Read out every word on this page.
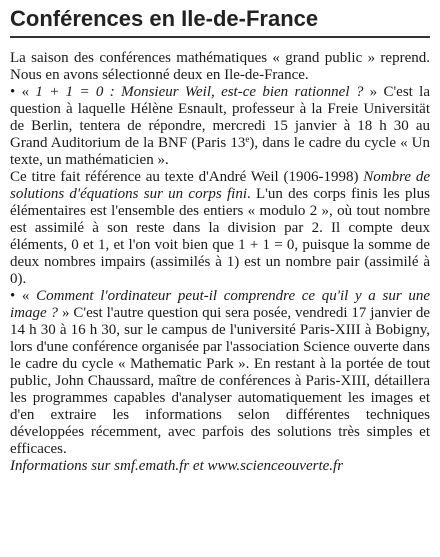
Conférences en Ile-de-France

La saison des conférences mathématiques « grand public » reprend. Nous en avons sélectionné deux en Ile-de-France.

• « 1 + 1 = 0 : Monsieur Weil, est-ce bien rationnel ? » C'est la question à laquelle Hélène Esnault, professeur à la Freie Universität de Berlin, tentera de répondre, mercredi 15 janvier à 18 h 30 au Grand Auditorium de la BNF (Paris 13e), dans le cadre du cycle « Un texte, un mathématicien ».

Ce titre fait référence au texte d'André Weil (1906-1998) Nombre de solutions d'équations sur un corps fini. L'un des corps finis les plus élémentaires est l'ensemble des entiers « modulo 2 », où tout nombre est assimilé à son reste dans la division par 2. Il compte deux éléments, 0 et 1, et l'on voit bien que 1 + 1 = 0, puisque la somme de deux nombres impairs (assimilés à 1) est un nombre pair (assimilé à 0).

• « Comment l'ordinateur peut-il comprendre ce qu'il y a sur une image ? » C'est l'autre question qui sera posée, vendredi 17 janvier de 14 h 30 à 16 h 30, sur le campus de l'université Paris-XIII à Bobigny, lors d'une conférence organisée par l'association Science ouverte dans le cadre du cycle « Mathematic Park ». En restant à la portée de tout public, John Chaussard, maître de conférences à Paris-XIII, détaillera les programmes capables d'analyser automatiquement les images et d'en extraire les informations selon différentes techniques développées récemment, avec parfois des solutions très simples et efficaces.

Informations sur smf.emath.fr et www.scienceouverte.fr
